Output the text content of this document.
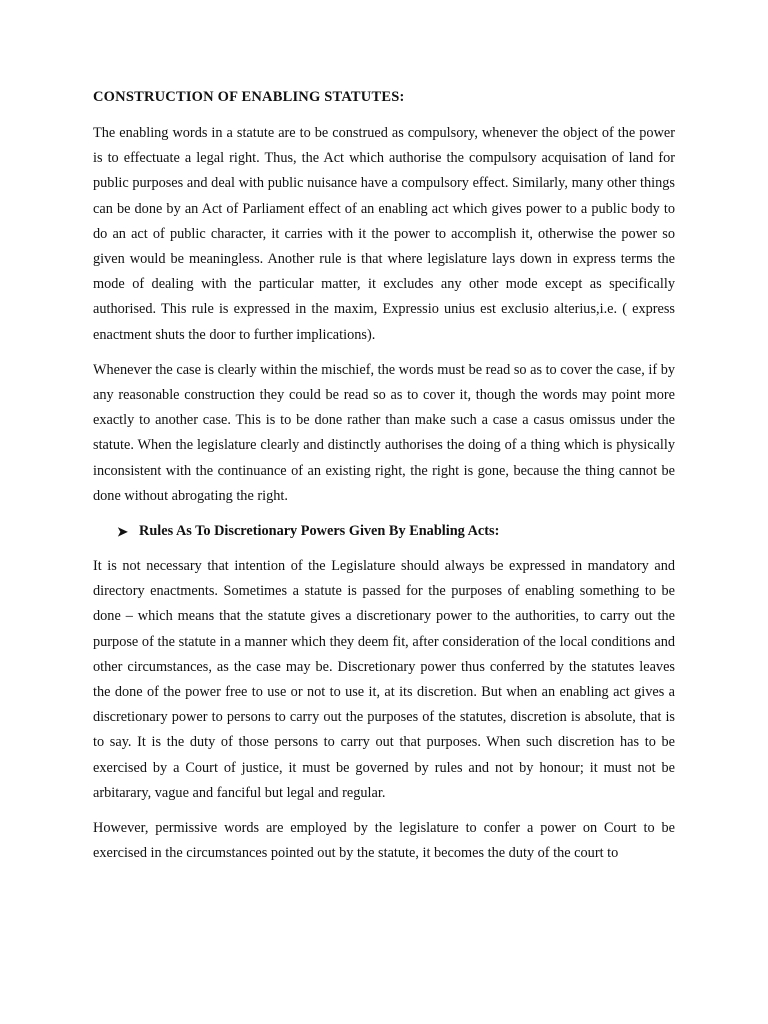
CONSTRUCTION OF ENABLING STATUTES:

The enabling words in a statute are to be construed as compulsory, whenever the object of the power is to effectuate a legal right. Thus, the Act which authorise the compulsory acquisation of land for public purposes and deal with public nuisance have a compulsory effect. Similarly, many other things can be done by an Act of Parliament effect of an enabling act which gives power to a public body to do an act of public character, it carries with it the power to accomplish it, otherwise the power so given would be meaningless. Another rule is that where legislature lays down in express terms the mode of dealing with the particular matter, it excludes any other mode except as specifically authorised. This rule is expressed in the maxim, Expressio unius est exclusio alterius,i.e. ( express enactment shuts the door to further implications).

Whenever the case is clearly within the mischief, the words must be read so as to cover the case, if by any reasonable construction they could be read so as to cover it, though the words may point more exactly to another case. This is to be done rather than make such a case a casus omissus under the statute. When the legislature clearly and distinctly authorises the doing of a thing which is physically inconsistent with the continuance of an existing right, the right is gone, because the thing cannot be done without abrogating the right.

➤ Rules As To Discretionary Powers Given By Enabling Acts:

It is not necessary that intention of the Legislature should always be expressed in mandatory and directory enactments. Sometimes a statute is passed for the purposes of enabling something to be done – which means that the statute gives a discretionary power to the authorities, to carry out the purpose of the statute in a manner which they deem fit, after consideration of the local conditions and other circumstances, as the case may be. Discretionary power thus conferred by the statutes leaves the done of the power free to use or not to use it, at its discretion. But when an enabling act gives a discretionary power to persons to carry out the purposes of the statutes, discretion is absolute, that is to say. It is the duty of those persons to carry out that purposes. When such discretion has to be exercised by a Court of justice, it must be governed by rules and not by honour; it must not be arbitarary, vague and fanciful but legal and regular.

However, permissive words are employed by the legislature to confer a power on Court to be exercised in the circumstances pointed out by the statute, it becomes the duty of the court to
